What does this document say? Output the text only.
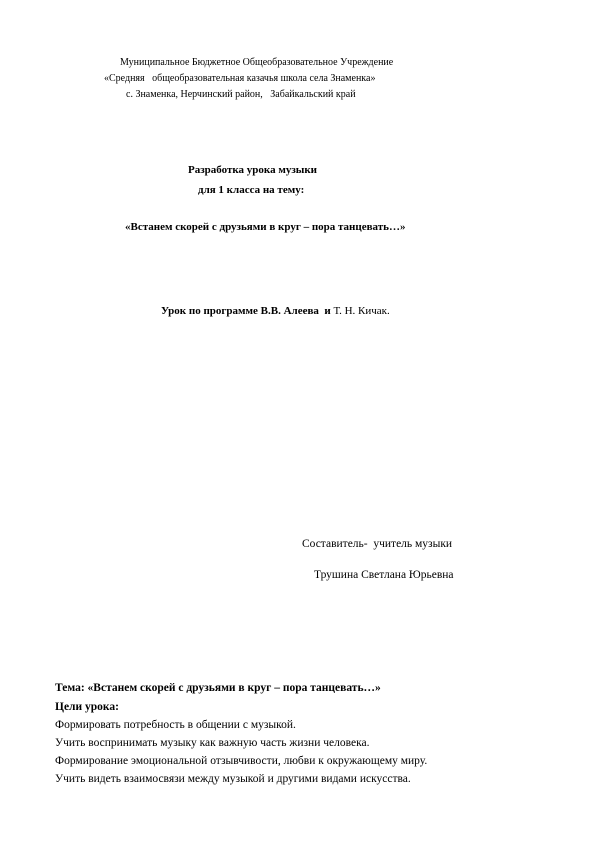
Муниципальное Бюджетное Общеобразовательное Учреждение
«Средняя   общеобразовательная казачья школа села Знаменка»
с. Знаменка, Нерчинский район,   Забайкальский край
Разработка урока музыки
для 1 класса на тему:
«Встанем скорей с друзьями в круг – пора танцевать…»

Урок по программе В.В. Алеева  и Т. Н. Кичак.

Составитель-  учитель музыки
Трушина Светлана Юрьевна
Тема: «Встанем скорей с друзьями в круг – пора танцевать…»
Цели урока:
Формировать потребность в общении с музыкой.
Учить воспринимать музыку как важную часть жизни человека.
Формирование эмоциональной отзывчивости, любви к окружающему миру.
Учить видеть взаимосвязи между музыкой и другими видами искусства.
